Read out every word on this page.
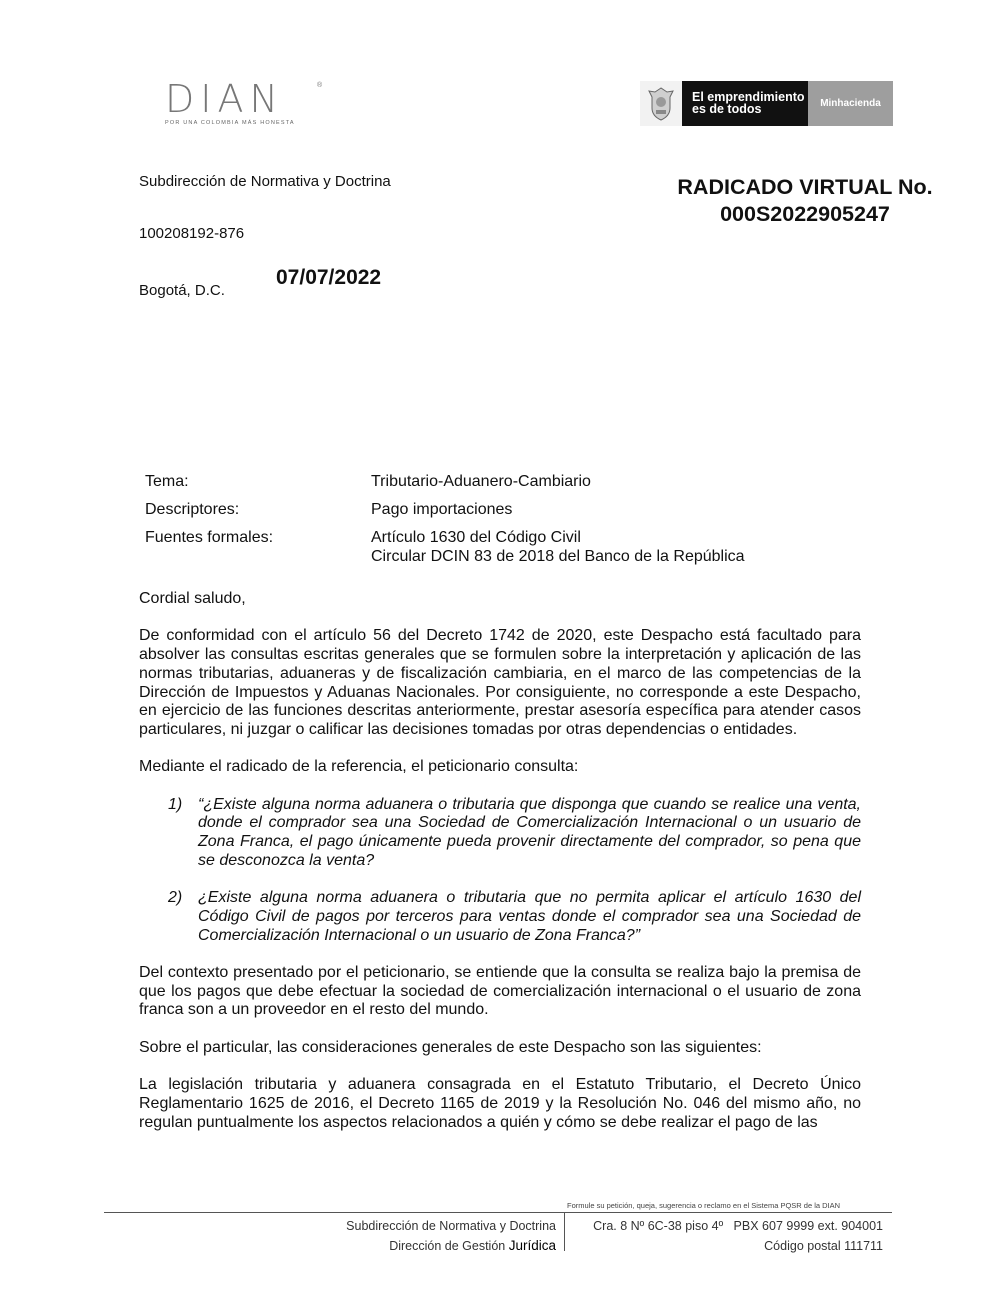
DIAN	®
POR UNA COLOMBIA MÁS HONESTA
El emprendimiento
es de todos	Minhacienda
Subdirección de Normativa y Doctrina
100208192-876
Bogotá, D.C.
07/07/2022
RADICADO VIRTUAL No.
000S2022905247
Tema:	Tributario-Aduanero-Cambiario
Descriptores:	Pago importaciones
Fuentes formales:	Artículo 1630 del Código Civil
Circular DCIN 83 de 2018 del Banco de la República

Cordial saludo,

De conformidad con el artículo 56 del Decreto 1742 de 2020, este Despacho está facultado para absolver las consultas escritas generales que se formulen sobre la interpretación y aplicación de las normas tributarias, aduaneras y de fiscalización cambiaria, en el marco de las competencias de la Dirección de Impuestos y Aduanas Nacionales. Por consiguiente, no corresponde a este Despacho, en ejercicio de las funciones descritas anteriormente, prestar asesoría específica para atender casos particulares, ni juzgar o calificar las decisiones tomadas por otras dependencias o entidades.

Mediante el radicado de la referencia, el peticionario consulta:

1) “¿Existe alguna norma aduanera o tributaria que disponga que cuando se realice una venta, donde el comprador sea una Sociedad de Comercialización Internacional o un usuario de Zona Franca, el pago únicamente pueda provenir directamente del comprador, so pena que se desconozca la venta?
2) ¿Existe alguna norma aduanera o tributaria que no permita aplicar el artículo 1630 del Código Civil de pagos por terceros para ventas donde el comprador sea una Sociedad de Comercialización Internacional o un usuario de Zona Franca?”

Del contexto presentado por el peticionario, se entiende que la consulta se realiza bajo la premisa de que los pagos que debe efectuar la sociedad de comercialización internacional o el usuario de zona franca son a un proveedor en el resto del mundo.

Sobre el particular, las consideraciones generales de este Despacho son las siguientes:

La legislación tributaria y aduanera consagrada en el Estatuto Tributario, el Decreto Único Reglamentario 1625 de 2016, el Decreto 1165 de 2019 y la Resolución No. 046 del mismo año, no regulan puntualmente los aspectos relacionados a quién y cómo se debe realizar el pago de las

Formule su petición, queja, sugerencia o reclamo en el Sistema PQSR de la DIAN
Subdirección de Normativa y Doctrina
Dirección de Gestión Jurídica
Cra. 8 Nº 6C-38 piso 4º   PBX 607 9999 ext. 904001
Código postal 111711
